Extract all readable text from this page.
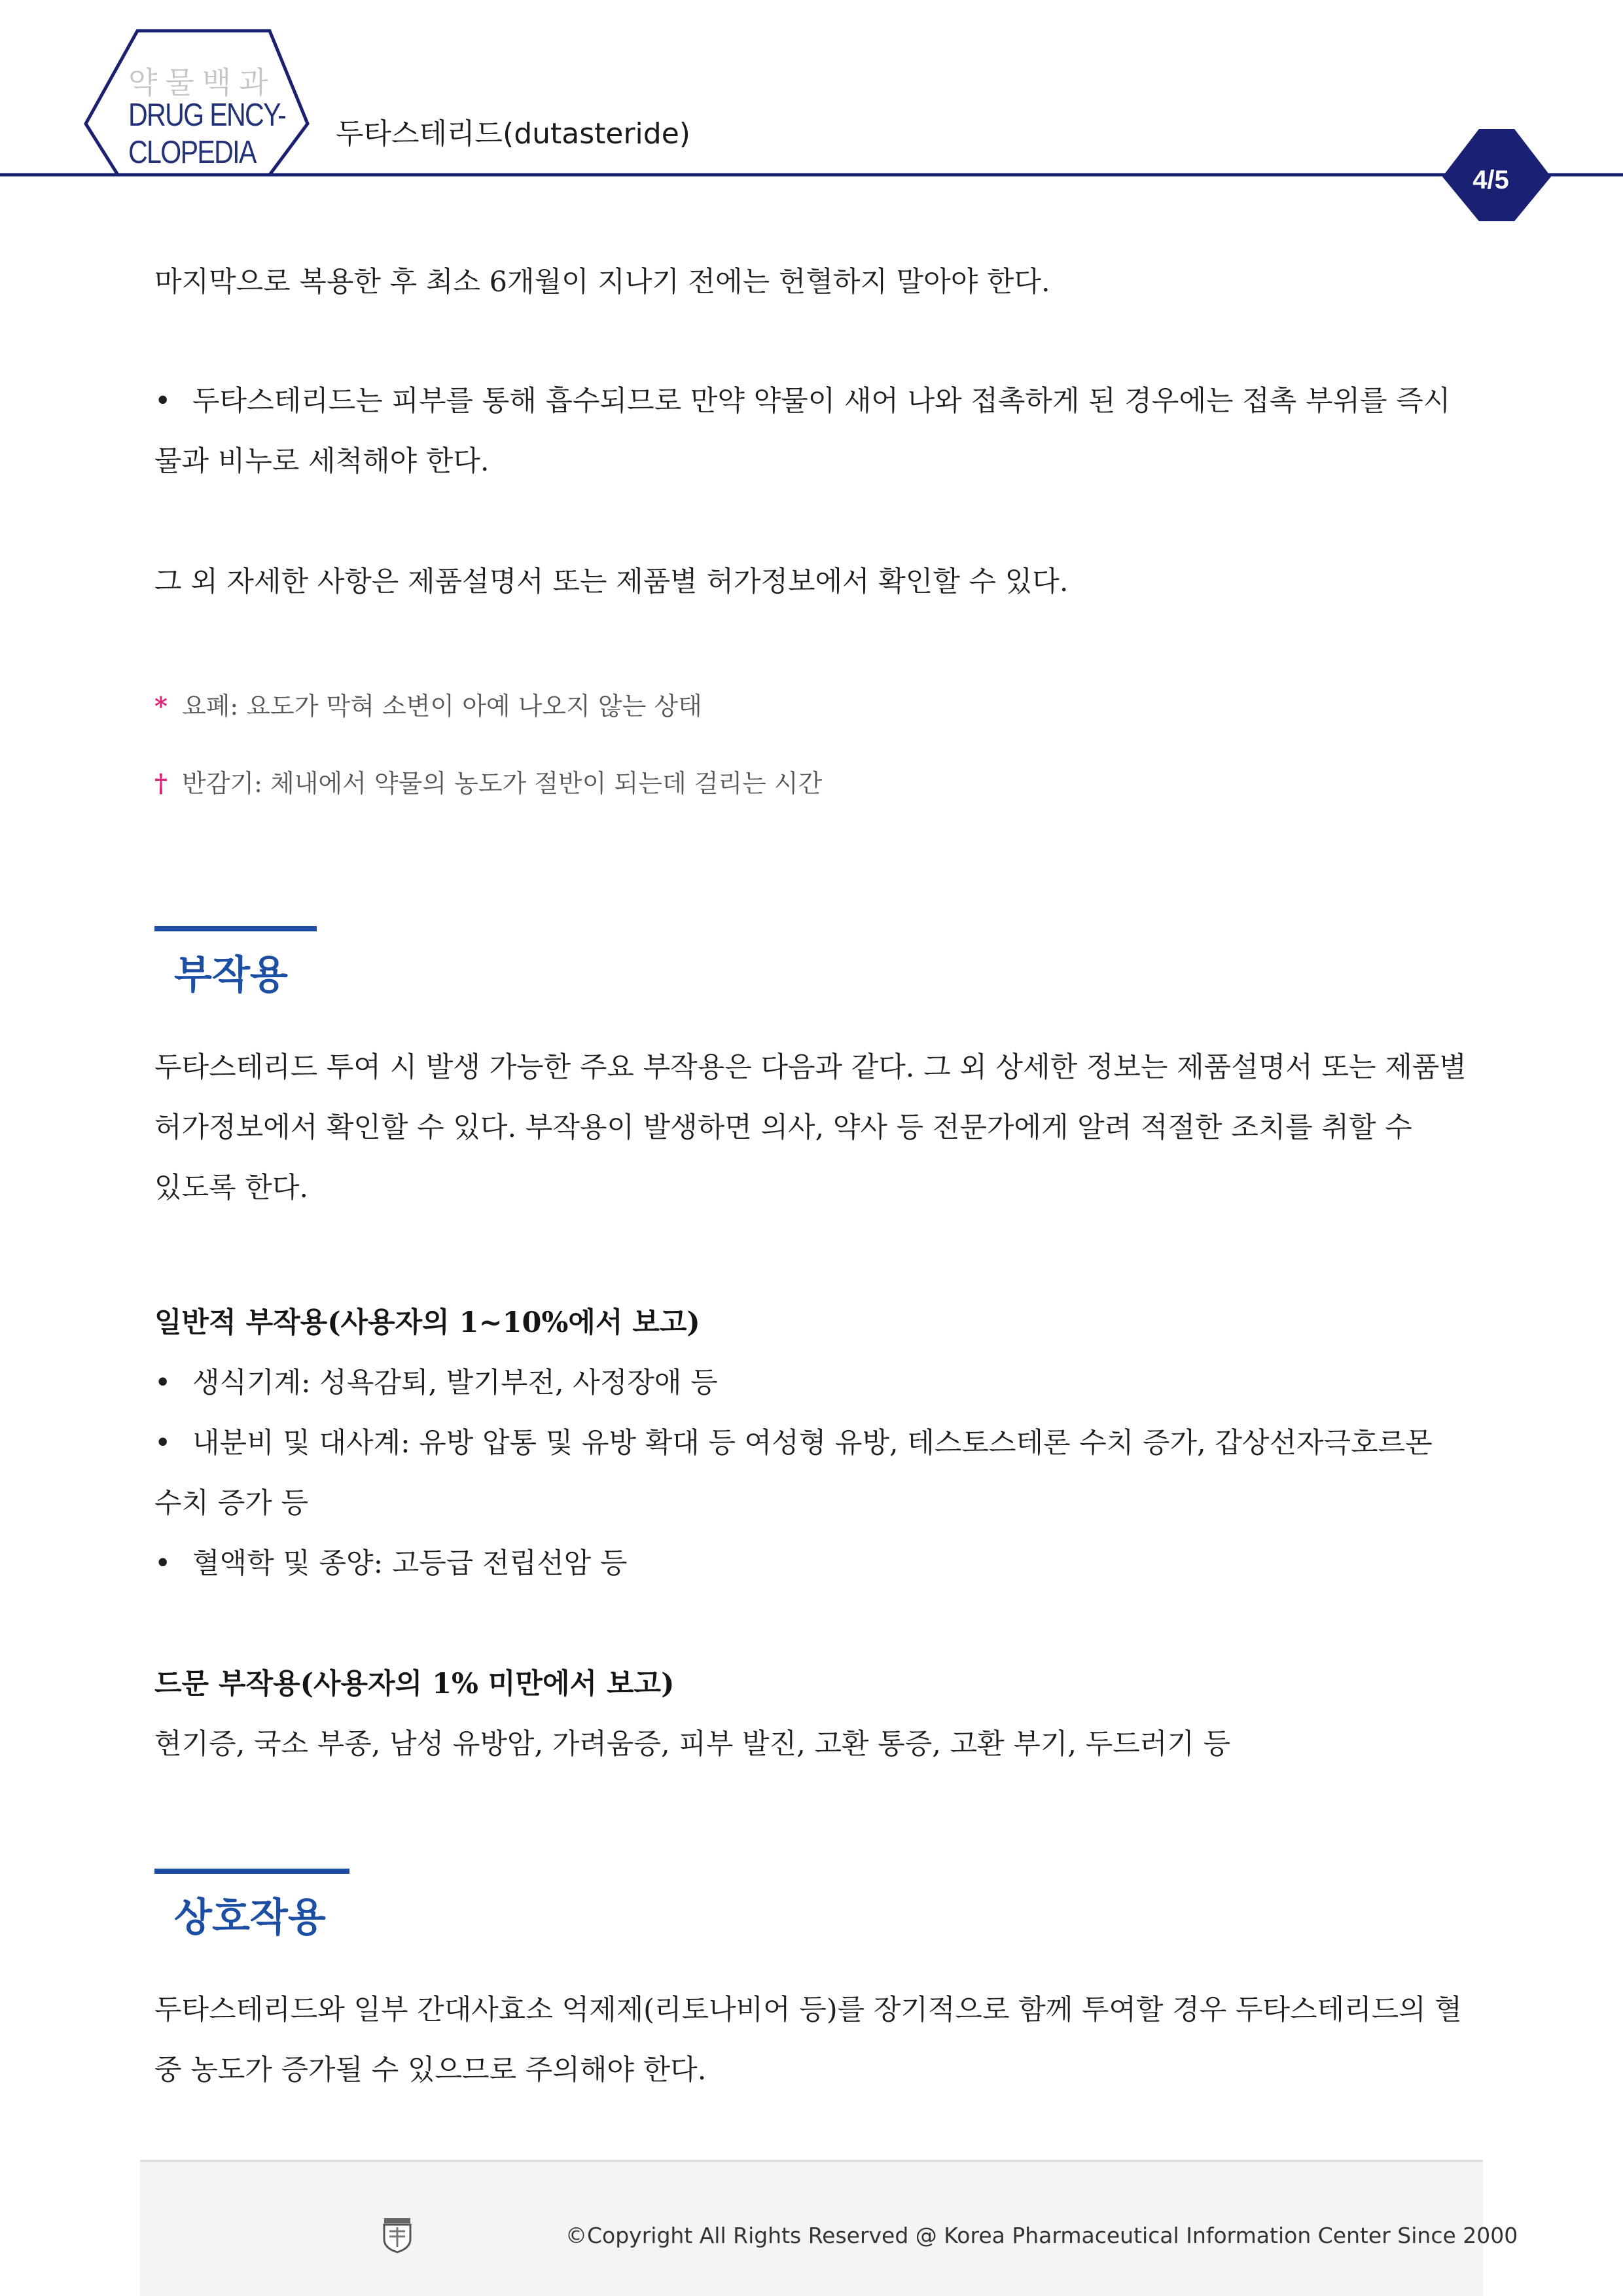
약물백과
DRUG ENCY-
CLOPEDIA
두타스테리드(dutasteride)
4/5
마지막으로 복용한 후 최소 6개월이 지나기 전에는 헌혈하지 말아야 한다.
• 두타스테리드는 피부를 통해 흡수되므로 만약 약물이 새어 나와 접촉하게 된 경우에는 접촉 부위를 즉시
물과 비누로 세척해야 한다.
그 외 자세한 사항은 제품설명서 또는 제품별 허가정보에서 확인할 수 있다.
* 요폐: 요도가 막혀 소변이 아예 나오지 않는 상태
† 반감기: 체내에서 약물의 농도가 절반이 되는데 걸리는 시간
부작용
두타스테리드 투여 시 발생 가능한 주요 부작용은 다음과 같다. 그 외 상세한 정보는 제품설명서 또는 제품별
허가정보에서 확인할 수 있다. 부작용이 발생하면 의사, 약사 등 전문가에게 알려 적절한 조치를 취할 수
있도록 한다.
일반적 부작용(사용자의 1~10%에서 보고)
• 생식기계: 성욕감퇴, 발기부전, 사정장애 등
• 내분비 및 대사계: 유방 압통 및 유방 확대 등 여성형 유방, 테스토스테론 수치 증가, 갑상선자극호르몬
수치 증가 등
• 혈액학 및 종양: 고등급 전립선암 등
드문 부작용(사용자의 1% 미만에서 보고)
현기증, 국소 부종, 남성 유방암, 가려움증, 피부 발진, 고환 통증, 고환 부기, 두드러기 등
상호작용
두타스테리드와 일부 간대사효소 억제제(리토나비어 등)를 장기적으로 함께 투여할 경우 두타스테리드의 혈
중 농도가 증가될 수 있으므로 주의해야 한다.
©Copyright All Rights Reserved @ Korea Pharmaceutical Information Center Since 2000
